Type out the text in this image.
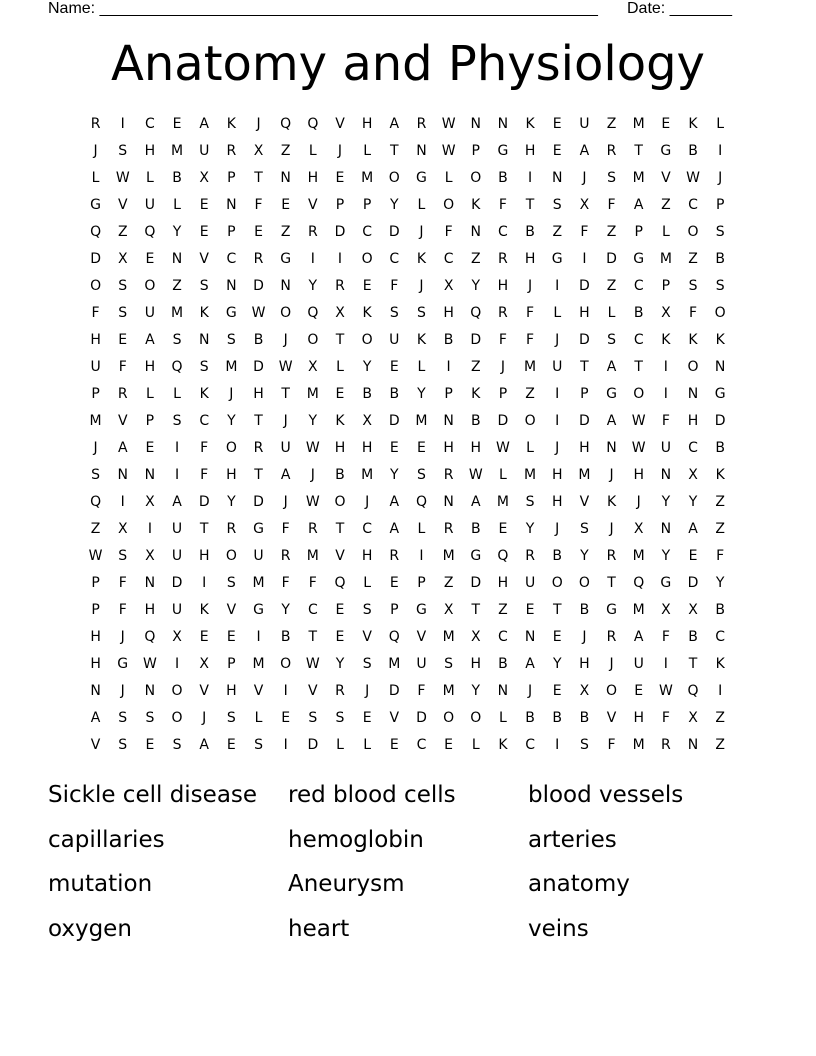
Name: ________________________________________________________ Date: _______
Anatomy and Physiology
R	I	C	E	A	K	J	Q	Q	V	H	A	R	W	N	N	K	E	U	Z	M	E	K	L
J	S	H	M	U	R	X	Z	L	J	L	T	N	W	P	G	H	E	A	R	T	G	B	I
L	W	L	B	X	P	T	N	H	E	M	O	G	L	O	B	I	N	J	S	M	V	W	J
G	V	U	L	E	N	F	E	V	P	P	Y	L	O	K	F	T	S	X	F	A	Z	C	P
Q	Z	Q	Y	E	P	E	Z	R	D	C	D	J	F	N	C	B	Z	F	Z	P	L	O	S
D	X	E	N	V	C	R	G	I	I	O	C	K	C	Z	R	H	G	I	D	G	M	Z	B
O	S	O	Z	S	N	D	N	Y	R	E	F	J	X	Y	H	J	I	D	Z	C	P	S	S
F	S	U	M	K	G	W	O	Q	X	K	S	S	H	Q	R	F	L	H	L	B	X	F	O
H	E	A	S	N	S	B	J	O	T	O	U	K	B	D	F	F	J	D	S	C	K	K	K
U	F	H	Q	S	M	D	W	X	L	Y	E	L	I	Z	J	M	U	T	A	T	I	O	N
P	R	L	L	K	J	H	T	M	E	B	B	Y	P	K	P	Z	I	P	G	O	I	N	G
M	V	P	S	C	Y	T	J	Y	K	X	D	M	N	B	D	O	I	D	A	W	F	H	D
J	A	E	I	F	O	R	U	W	H	H	E	E	H	H	W	L	J	H	N	W	U	C	B
S	N	N	I	F	H	T	A	J	B	M	Y	S	R	W	L	M	H	M	J	H	N	X	K
Q	I	X	A	D	Y	D	J	W	O	J	A	Q	N	A	M	S	H	V	K	J	Y	Y	Z
Z	X	I	U	T	R	G	F	R	T	C	A	L	R	B	E	Y	J	S	J	X	N	A	Z
W	S	X	U	H	O	U	R	M	V	H	R	I	M	G	Q	R	B	Y	R	M	Y	E	F
P	F	N	D	I	S	M	F	F	Q	L	E	P	Z	D	H	U	O	O	T	Q	G	D	Y
P	F	H	U	K	V	G	Y	C	E	S	P	G	X	T	Z	E	T	B	G	M	X	X	B
H	J	Q	X	E	E	I	B	T	E	V	Q	V	M	X	C	N	E	J	R	A	F	B	C
H	G	W	I	X	P	M	O	W	Y	S	M	U	S	H	B	A	Y	H	J	U	I	T	K
N	J	N	O	V	H	V	I	V	R	J	D	F	M	Y	N	J	E	X	O	E	W	Q	I
A	S	S	O	J	S	L	E	S	S	E	V	D	O	O	L	B	B	B	V	H	F	X	Z
V	S	E	S	A	E	S	I	D	L	L	E	C	E	L	K	C	I	S	F	M	R	N	Z
Sickle cell disease	red blood cells	blood vessels
capillaries	hemoglobin	arteries
mutation	Aneurysm	anatomy
oxygen	heart	veins
